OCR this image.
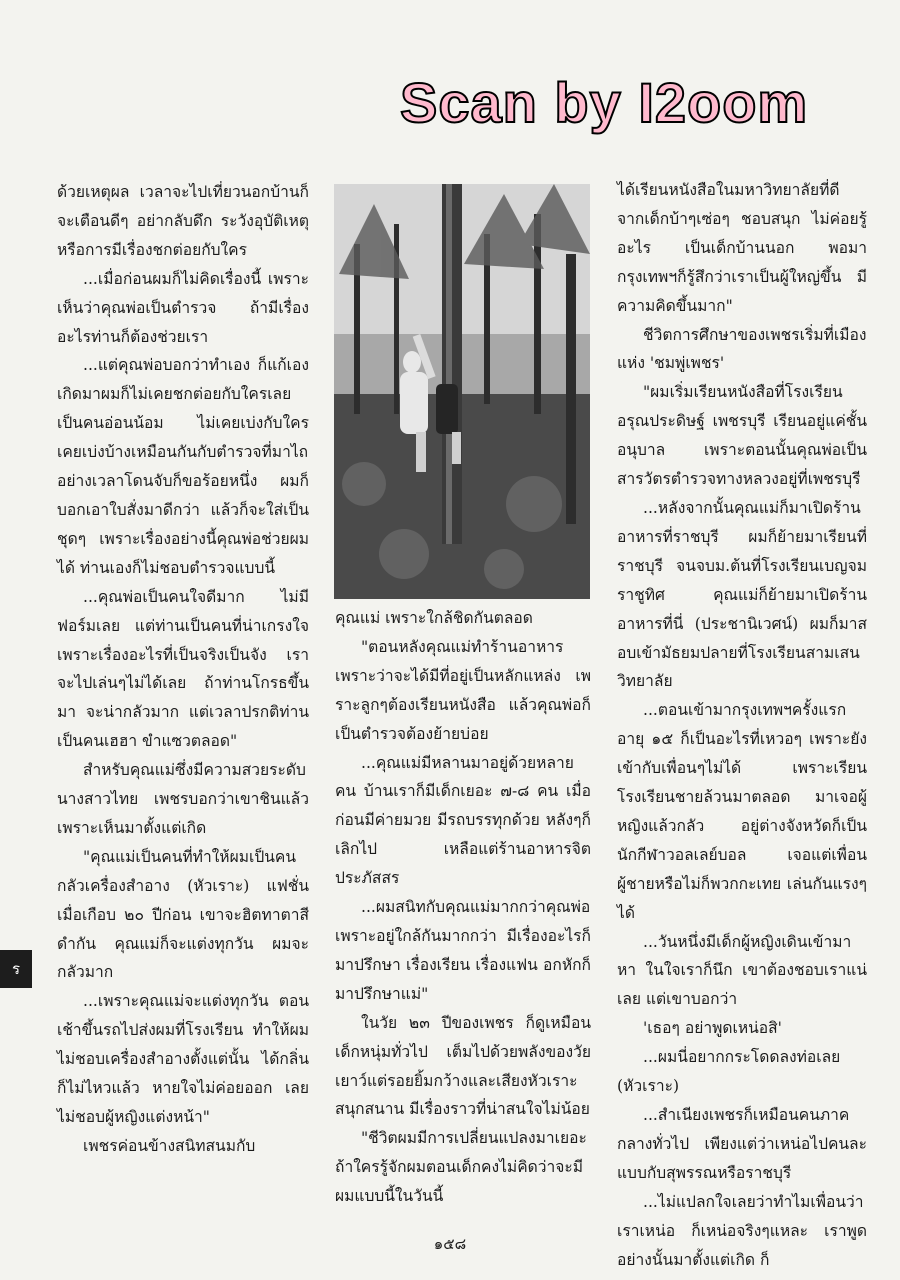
Scan by I2oom

ด้วยเหตุผล เวลาจะไปเที่ยวนอกบ้านก็จะเตือนดีๆ อย่ากลับดึก ระวังอุบัติเหตุ หรือการมีเรื่องชกต่อยกับใคร

...เมื่อก่อนผมก็ไม่คิดเรื่องนี้ เพราะเห็นว่าคุณพ่อเป็นตำรวจ ถ้ามีเรื่องอะไรท่านก็ต้องช่วยเรา

...แต่คุณพ่อบอกว่าทำเอง ก็แก้เอง เกิดมาผมก็ไม่เคยชกต่อยกับใครเลย เป็นคนอ่อนน้อม ไม่เคยเบ่งกับใคร เคยเบ่งบ้างเหมือนกันกับตำรวจที่มาไถ อย่างเวลาโดนจับก็ขอร้อยหนึ่ง ผมก็บอกเอาใบสั่งมาดีกว่า แล้วก็จะใส่เป็นชุดๆ เพราะเรื่องอย่างนี้คุณพ่อช่วยผมได้ ท่านเองก็ไม่ชอบตำรวจแบบนี้

...คุณพ่อเป็นคนใจดีมาก ไม่มีฟอร์มเลย แต่ท่านเป็นคนที่น่าเกรงใจ เพราะเรื่องอะไรที่เป็นจริงเป็นจัง เราจะไปเล่นๆไม่ได้เลย ถ้าท่านโกรธขึ้นมา จะน่ากลัวมาก แต่เวลาปรกติท่านเป็นคนเฮฮา ขำแซวตลอด"

สำหรับคุณแม่ซึ่งมีความสวยระดับนางสาวไทย เพชรบอกว่าเขาชินแล้ว เพราะเห็นมาตั้งแต่เกิด

"คุณแม่เป็นคนที่ทำให้ผมเป็นคนกลัวเครื่องสำอาง (หัวเราะ) แฟชั่นเมื่อเกือบ ๒๐ ปีก่อน เขาจะฮิตทาตาสีดำกัน คุณแม่ก็จะแต่งทุกวัน ผมจะกลัวมาก

...เพราะคุณแม่จะแต่งทุกวัน ตอนเช้าขึ้นรถไปส่งผมที่โรงเรียน ทำให้ผมไม่ชอบเครื่องสำอางตั้งแต่นั้น ได้กลิ่นก็ไม่ไหวแล้ว หายใจไม่ค่อยออก เลยไม่ชอบผู้หญิงแต่งหน้า"

เพชรค่อนข้างสนิทสนมกับ

คุณแม่ เพราะใกล้ชิดกันตลอด

"ตอนหลังคุณแม่ทำร้านอาหาร เพราะว่าจะได้มีที่อยู่เป็นหลักแหล่ง เพราะลูกๆต้องเรียนหนังสือ แล้วคุณพ่อก็เป็นตำรวจต้องย้ายบ่อย

...คุณแม่มีหลานมาอยู่ด้วยหลายคน บ้านเราก็มีเด็กเยอะ ๗-๘ คน เมื่อก่อนมีค่ายมวย มีรถบรรทุกด้วย หลังๆก็เลิกไป เหลือแต่ร้านอาหารจิตประภัสสร

...ผมสนิทกับคุณแม่มากกว่าคุณพ่อ เพราะอยู่ใกล้กันมากกว่า มีเรื่องอะไรก็มาปรึกษา เรื่องเรียน เรื่องแฟน อกหักก็มาปรึกษาแม่"

ในวัย ๒๓ ปีของเพชร ก็ดูเหมือนเด็กหนุ่มทั่วไป เต็มไปด้วยพลังของวัยเยาว์แต่รอยยิ้มกว้างและเสียงหัวเราะสนุกสนาน มีเรื่องราวที่น่าสนใจไม่น้อย

"ชีวิตผมมีการเปลี่ยนแปลงมาเยอะ ถ้าใครรู้จักผมตอนเด็กคงไม่คิดว่าจะมีผมแบบนี้ในวันนี้

ได้เรียนหนังสือในมหาวิทยาลัยที่ดี จากเด็กบ้าๆเซ่อๆ ชอบสนุก ไม่ค่อยรู้อะไร เป็นเด็กบ้านนอก พอมากรุงเทพฯก็รู้สึกว่าเราเป็นผู้ใหญ่ขึ้น มีความคิดขึ้นมาก"

ชีวิตการศึกษาของเพชรเริ่มที่เมืองแห่ง 'ชมพู่เพชร'

"ผมเริ่มเรียนหนังสือที่โรงเรียนอรุณประดิษฐ์ เพชรบุรี เรียนอยู่แค่ชั้นอนุบาล เพราะตอนนั้นคุณพ่อเป็นสารวัตรตำรวจทางหลวงอยู่ที่เพชรบุรี

...หลังจากนั้นคุณแม่ก็มาเปิดร้านอาหารที่ราชบุรี ผมก็ย้ายมาเรียนที่ราชบุรี จนจบม.ต้นที่โรงเรียนเบญจมราชูทิศ คุณแม่ก็ย้ายมาเปิดร้านอาหารที่นี่ (ประชานิเวศน์) ผมก็มาสอบเข้ามัธยมปลายที่โรงเรียนสามเสนวิทยาลัย

...ตอนเข้ามากรุงเทพฯครั้งแรกอายุ ๑๕ ก็เป็นอะไรที่เหวอๆ เพราะยังเข้ากับเพื่อนๆไม่ได้ เพราะเรียนโรงเรียนชายล้วนมาตลอด มาเจอผู้หญิงแล้วกลัว อยู่ต่างจังหวัดก็เป็นนักกีฬาวอลเลย์บอล เจอแต่เพื่อนผู้ชายหรือไม่ก็พวกกะเทย เล่นกันแรงๆได้

...วันหนึ่งมีเด็กผู้หญิงเดินเข้ามาหา ในใจเราก็นึก เขาต้องชอบเราแน่เลย แต่เขาบอกว่า

'เธอๆ อย่าพูดเหน่อสิ'

...ผมนี่อยากกระโดดลงท่อเลย (หัวเราะ)

...สำเนียงเพชรก็เหมือนคนภาคกลางทั่วไป เพียงแต่ว่าเหน่อไปคนละแบบกับสุพรรณหรือราชบุรี

...ไม่แปลกใจเลยว่าทำไมเพื่อนว่าเราเหน่อ ก็เหน่อจริงๆแหละ เราพูดอย่างนั้นมาตั้งแต่เกิด ก็

ร
๑๕๘
